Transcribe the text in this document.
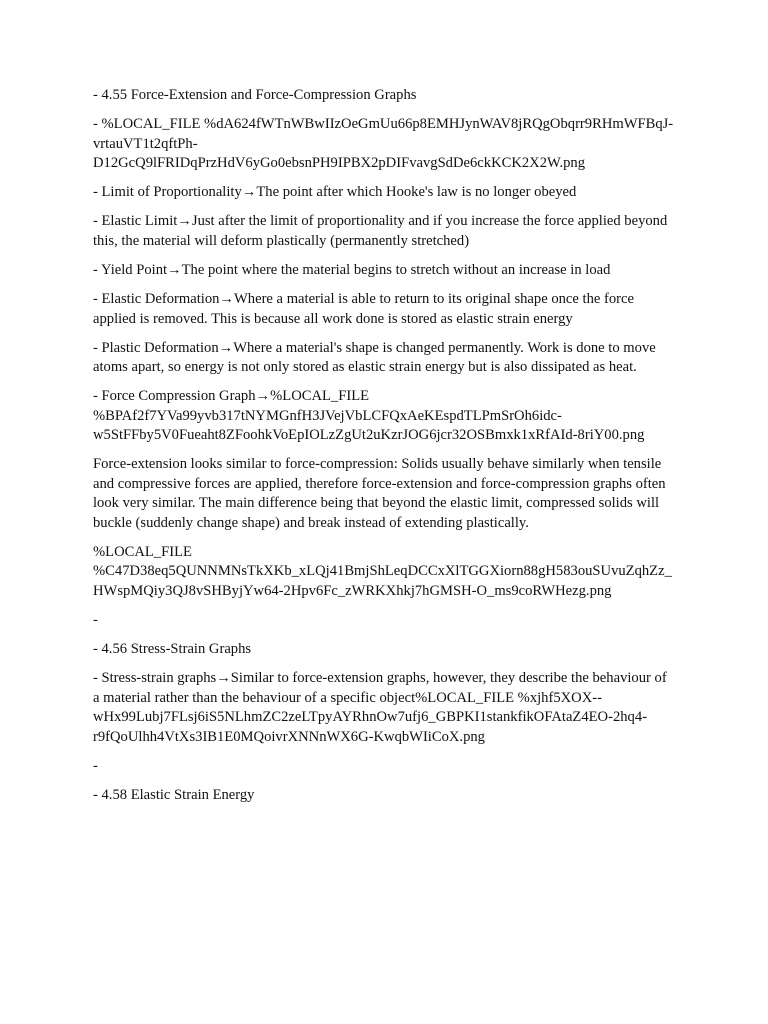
- 4.55 Force-Extension and Force-Compression Graphs

- %LOCAL_FILE %dA624fWTnWBwIIzOeGmUu66p8EMHJynWAV8jRQgObqrr9RHmWFBqJ-vrtauVT1t2qftPh-D12GcQ9lFRIDqPrzHdV6yGo0ebsnPH9IPBX2pDIFvavgSdDe6ckKCK2X2W.png

- Limit of Proportionality→The point after which Hooke's law is no longer obeyed

- Elastic Limit→Just after the limit of proportionality and if you increase the force applied beyond this, the material will deform plastically (permanently stretched)

- Yield Point→The point where the material begins to stretch without an increase in load

- Elastic Deformation→Where a material is able to return to its original shape once the force applied is removed. This is because all work done is stored as elastic strain energy

- Plastic Deformation→Where a material's shape is changed permanently. Work is done to move atoms apart, so energy is not only stored as elastic strain energy but is also dissipated as heat.

- Force Compression Graph→%LOCAL_FILE %BPAf2f7YVa99yvb317tNYMGnfH3JVejVbLCFQxAeKEspdTLPmSrOh6idc-w5StFFby5V0Fueaht8ZFoohkVoEpIOLzZgUt2uKzrJOG6jcr32OSBmxk1xRfAId-8riY00.png

Force-extension looks similar to force-compression: Solids usually behave similarly when tensile and compressive forces are applied, therefore force-extension and force-compression graphs often look very similar. The main difference being that beyond the elastic limit, compressed solids will buckle (suddenly change shape) and break instead of extending plastically.

%LOCAL_FILE %C47D38eq5QUNNMNsTkXKb_xLQj41BmjShLeqDCCxXlTGGXiorn88gH583ouSUvuZqhZz_HWspMQiy3QJ8vSHByjYw64-2Hpv6Fc_zWRKXhkj7hGMSH-O_ms9coRWHezg.png

-

- 4.56 Stress-Strain Graphs

- Stress-strain graphs→Similar to force-extension graphs, however, they describe the behaviour of a material rather than the behaviour of a specific object%LOCAL_FILE %xjhf5XOX--wHx99Lubj7FLsj6iS5NLhmZC2zeLTpyAYRhnOw7ufj6_GBPKI1stankfikOFAtaZ4EO-2hq4-r9fQoUlhh4VtXs3IB1E0MQoivrXNNnWX6G-KwqbWIiCoX.png

-

- 4.58 Elastic Strain Energy
